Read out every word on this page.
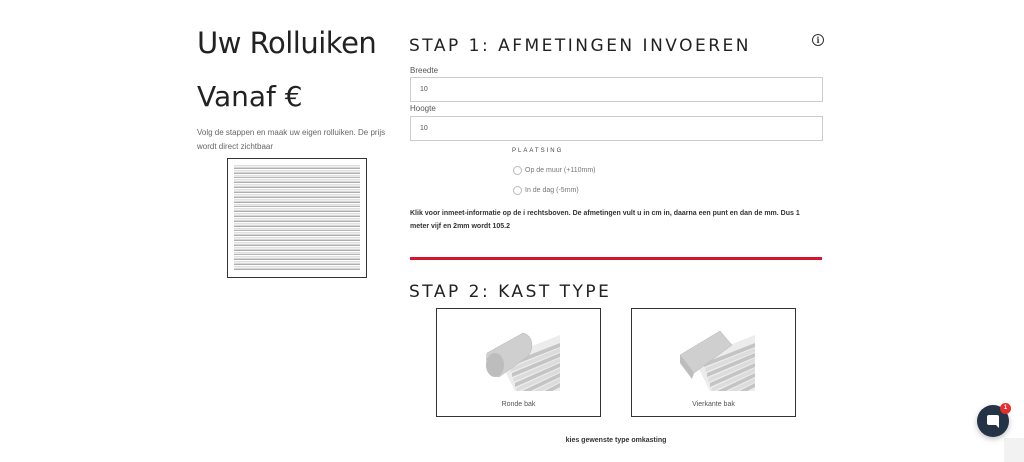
Uw Rolluiken
Vanaf €
Volg de stappen en maak uw eigen rolluiken. De prijs wordt direct zichtbaar
STAP 1: AFMETINGEN INVOEREN	i
Breedte
10
Hoogte
10
PLAATSING
Op de muur (+110mm)
In de dag (-5mm)
Klik voor inmeet-informatie op de i rechtsboven. De afmetingen vult u in cm in, daarna een punt en dan de mm. Dus 1 meter vijf en 2mm wordt 105.2
STAP 2: KAST TYPE
Ronde bak	Vierkante bak
kies gewenste type omkasting
1
